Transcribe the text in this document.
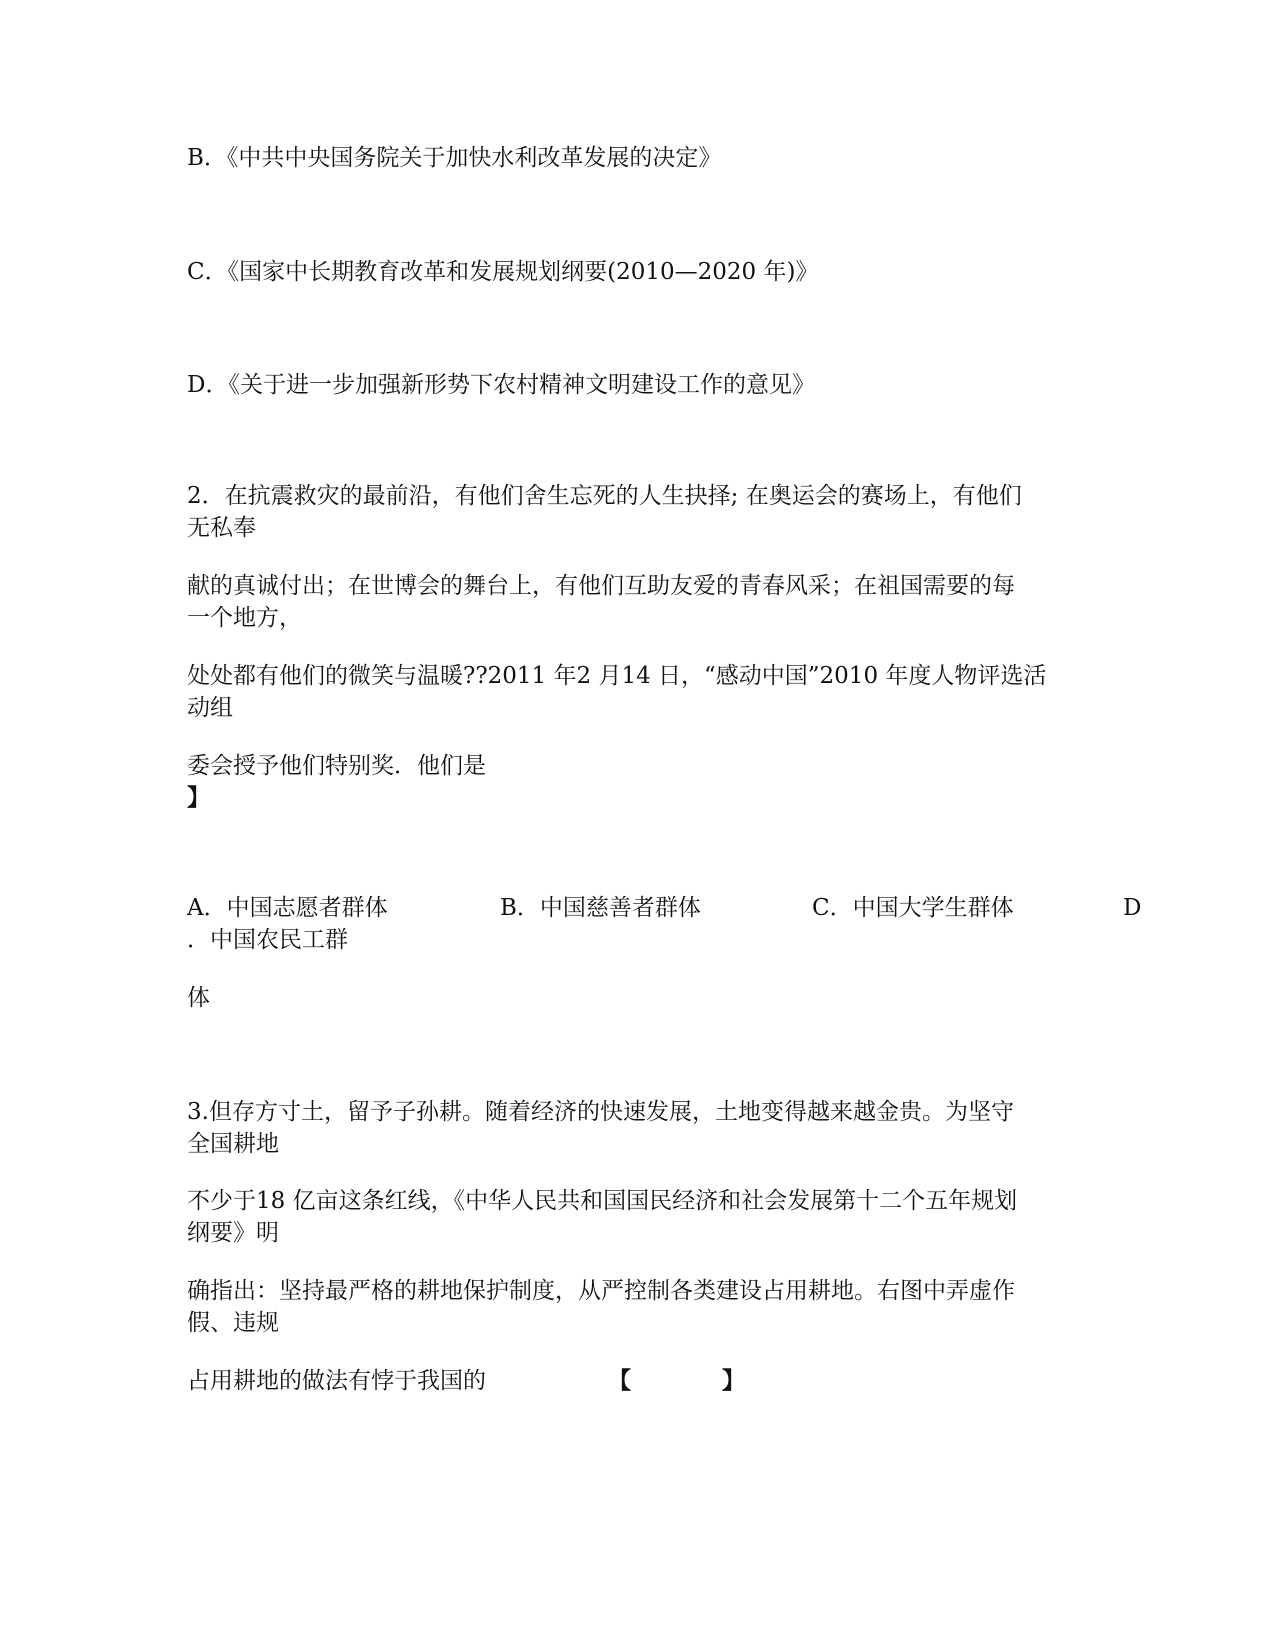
B．《中共中央国务院关于加快水利改革发展的决定》
C．《国家中长期教育改革和发展规划纲要(2010—2020 年)》
D．《关于进一步加强新形势下农村精神文明建设工作的意见》
2．在抗震救灾的最前沿，有他们舍生忘死的人生抉择; 在奥运会的赛场上，有他们
无私奉
献的真诚付出；在世博会的舞台上，有他们互助友爱的青春风采；在祖国需要的每
一个地方，
处处都有他们的微笑与温暖??2011 年2 月14 日，“感动中国”2010 年度人物评选活
动组
委会授予他们特别奖．他们是
】
A．中国志愿者群体	B．中国慈善者群体	C．中国大学生群体	D
．中国农民工群
体
3.但存方寸土，留予子孙耕。随着经济的快速发展，土地变得越来越金贵。为坚守
全国耕地
不少于18 亿亩这条红线，《中华人民共和国国民经济和社会发展第十二个五年规划
纲要》明
确指出：坚持最严格的耕地保护制度，从严控制各类建设占用耕地。右图中弄虚作
假、违规
占用耕地的做法有悖于我国的	【	】
